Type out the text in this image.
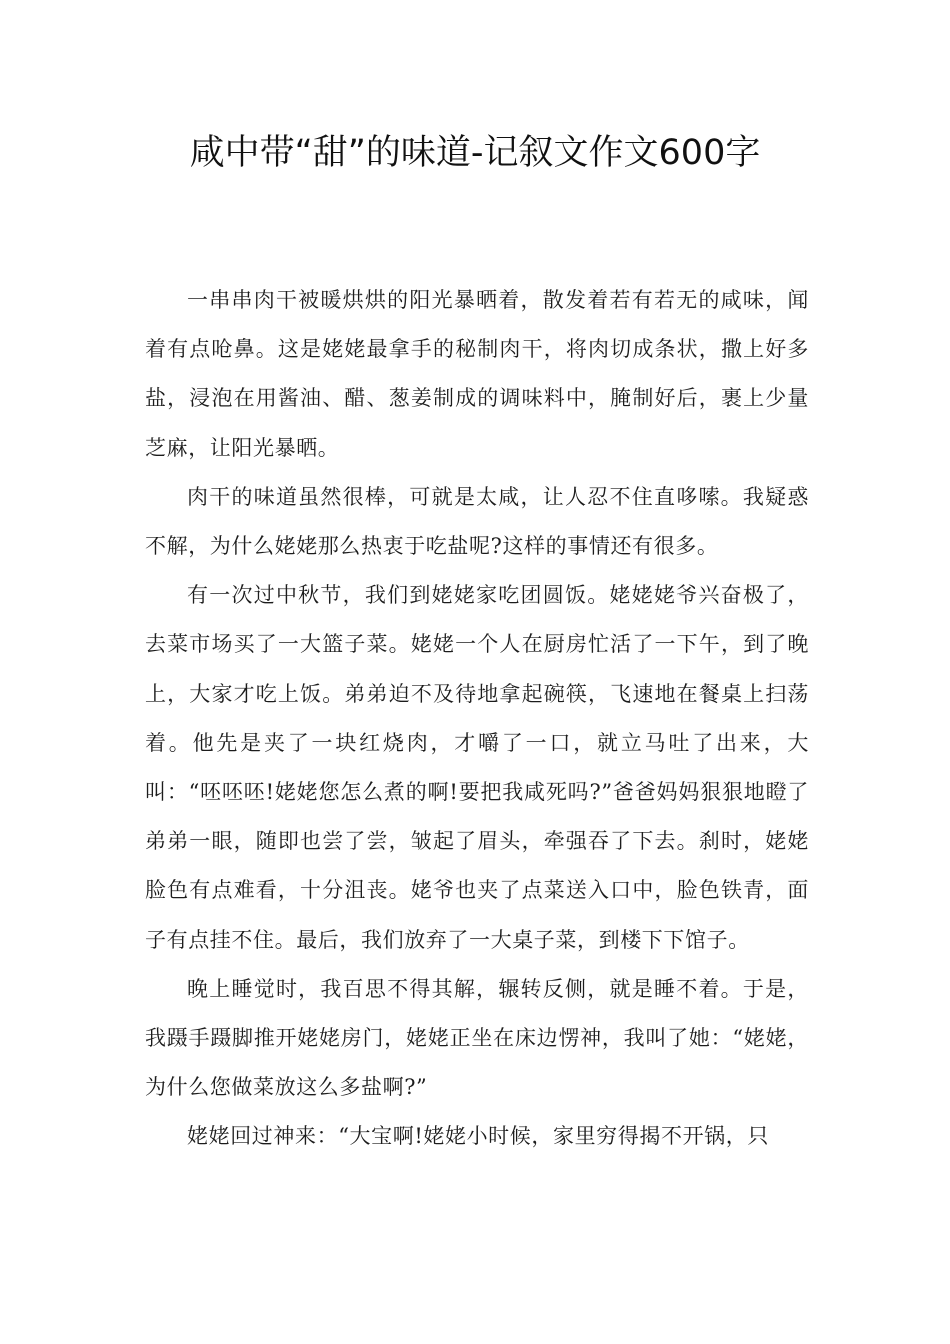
咸中带“甜”的味道-记叙文作文600字

一串串肉干被暖烘烘的阳光暴晒着，散发着若有若无的咸味，闻着有点呛鼻。这是姥姥最拿手的秘制肉干，将肉切成条状，撒上好多盐，浸泡在用酱油、醋、葱姜制成的调味料中，腌制好后，裹上少量芝麻，让阳光暴晒。

肉干的味道虽然很棒，可就是太咸，让人忍不住直哆嗦。我疑惑不解，为什么姥姥那么热衷于吃盐呢?这样的事情还有很多。

有一次过中秋节，我们到姥姥家吃团圆饭。姥姥姥爷兴奋极了，去菜市场买了一大篮子菜。姥姥一个人在厨房忙活了一下午，到了晚上，大家才吃上饭。弟弟迫不及待地拿起碗筷，飞速地在餐桌上扫荡着。他先是夹了一块红烧肉，才嚼了一口，就立马吐了出来，大叫：“呸呸呸!姥姥您怎么煮的啊!要把我咸死吗?”爸爸妈妈狠狠地瞪了弟弟一眼，随即也尝了尝，皱起了眉头，牵强吞了下去。刹时，姥姥脸色有点难看，十分沮丧。姥爷也夹了点菜送入口中，脸色铁青，面子有点挂不住。最后，我们放弃了一大桌子菜，到楼下下馆子。

晚上睡觉时，我百思不得其解，辗转反侧，就是睡不着。于是，我蹑手蹑脚推开姥姥房门，姥姥正坐在床边愣神，我叫了她：“姥姥，为什么您做菜放这么多盐啊?”

姥姥回过神来：“大宝啊!姥姥小时候，家里穷得揭不开锅，只
